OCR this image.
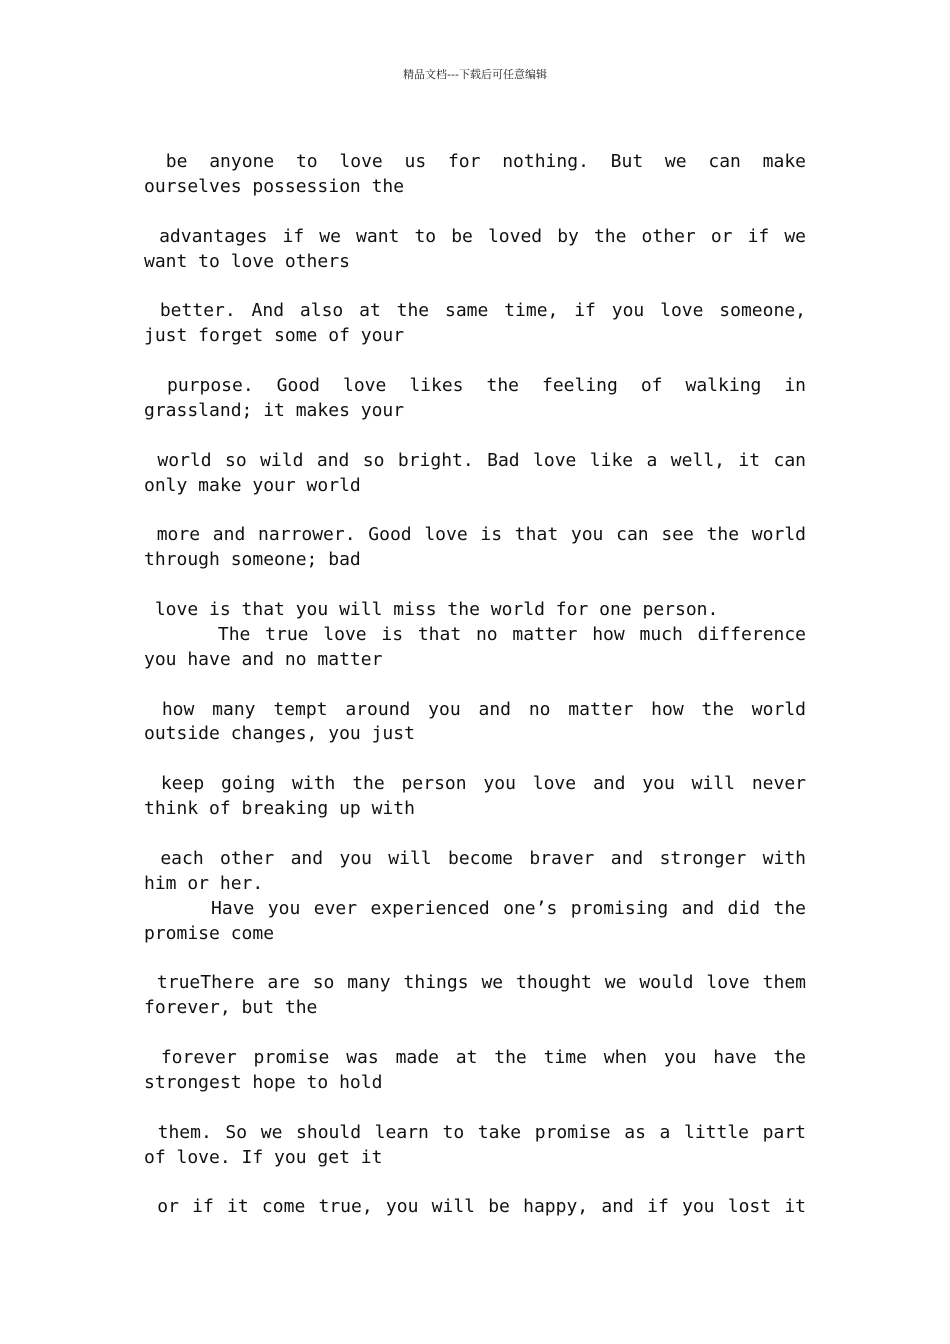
精品文档---下载后可任意编辑
be anyone to love us for nothing. But we can make
ourselves possession the
advantages if we want to be loved by the other or if we
want to love others
better. And also at the same time, if you love someone,
just forget some of your
purpose. Good love likes the feeling of walking in
grassland; it makes your
world so wild and so bright. Bad love like a well, it can
only make your world
more and narrower. Good love is that you can see the world
through someone; bad
love is that you will miss the world for one person.
The true love is that no matter how much difference
you have and no matter
how many tempt around you and no matter how the world
outside changes, you just
keep going with the person you love and you will never
think of breaking up with
each other and you will become braver and stronger with
him or her.
Have you ever experienced one’s promising and did the
promise come
trueThere are so many things we thought we would love them
forever, but the
forever promise was made at the time when you have the
strongest hope to hold
them. So we should learn to take promise as a little part
of love. If you get it
or if it come true, you will be happy, and if you lost it
